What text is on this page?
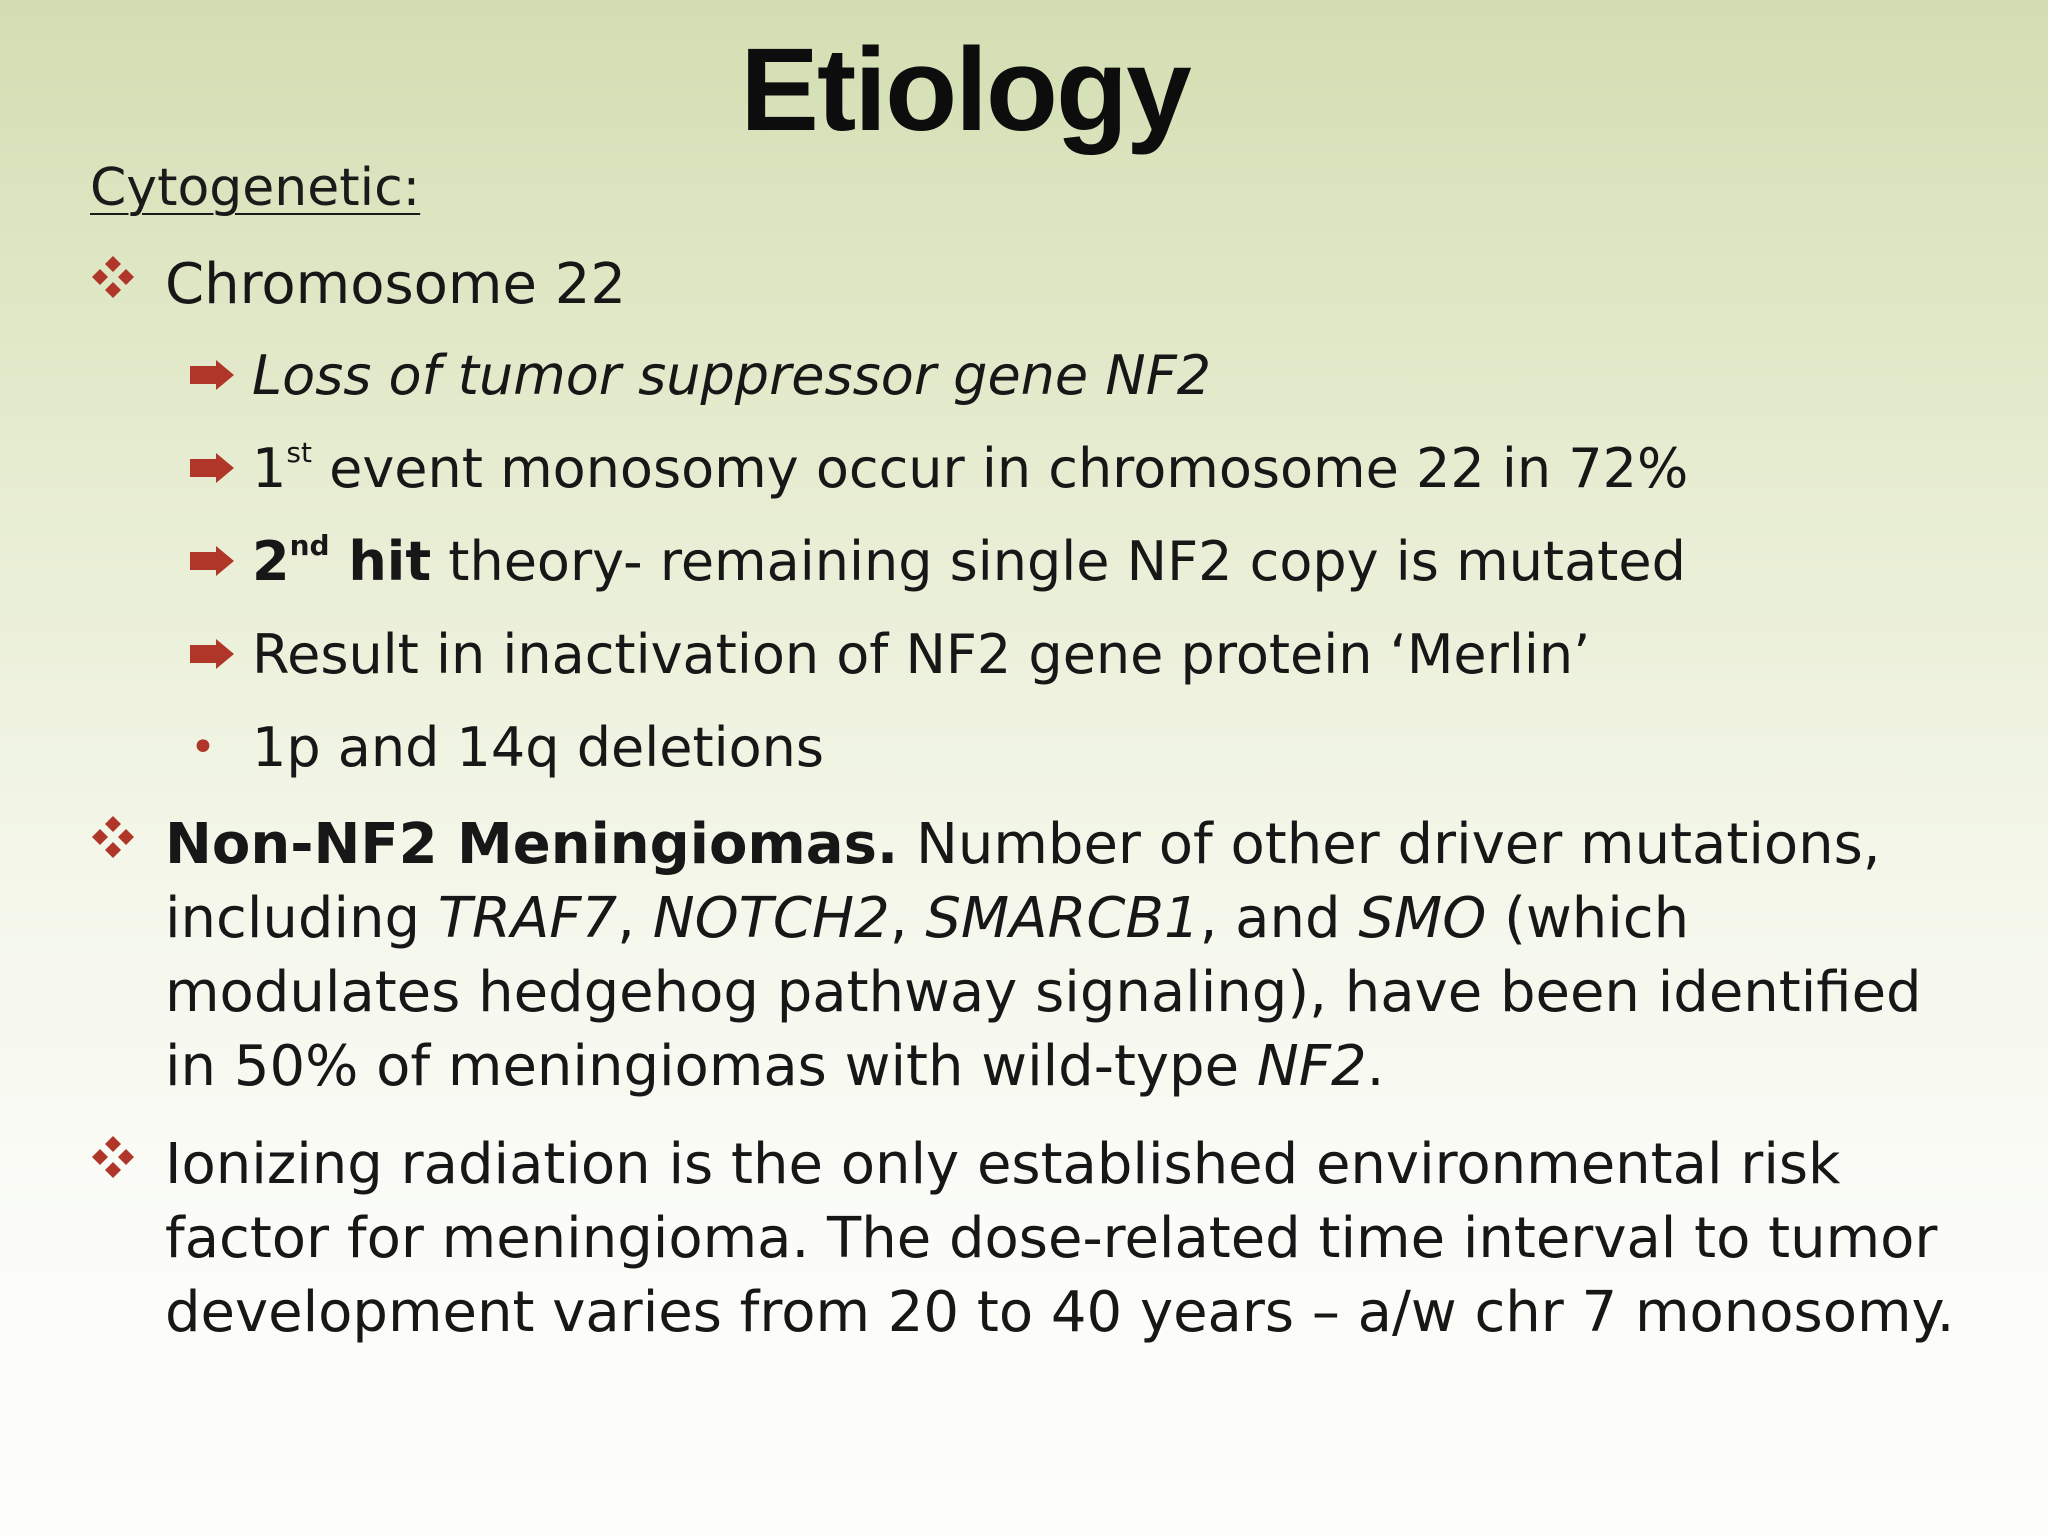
Etiology

Cytogenetic:

Chromosome 22
Loss of tumor suppressor gene NF2
1st event monosomy occur in chromosome 22 in 72%
2nd hit theory- remaining single NF2 copy is mutated
Result in inactivation of NF2 gene protein ‘Merlin’
• 1p and 14q deletions
Non-NF2 Meningiomas. Number of other driver mutations, including TRAF7, NOTCH2, SMARCB1, and SMO (which modulates hedgehog pathway signaling), have been identified in 50% of meningiomas with wild-type NF2.
Ionizing radiation is the only established environmental risk factor for meningioma. The dose-related time interval to tumor development varies from 20 to 40 years – a/w chr 7 monosomy.
